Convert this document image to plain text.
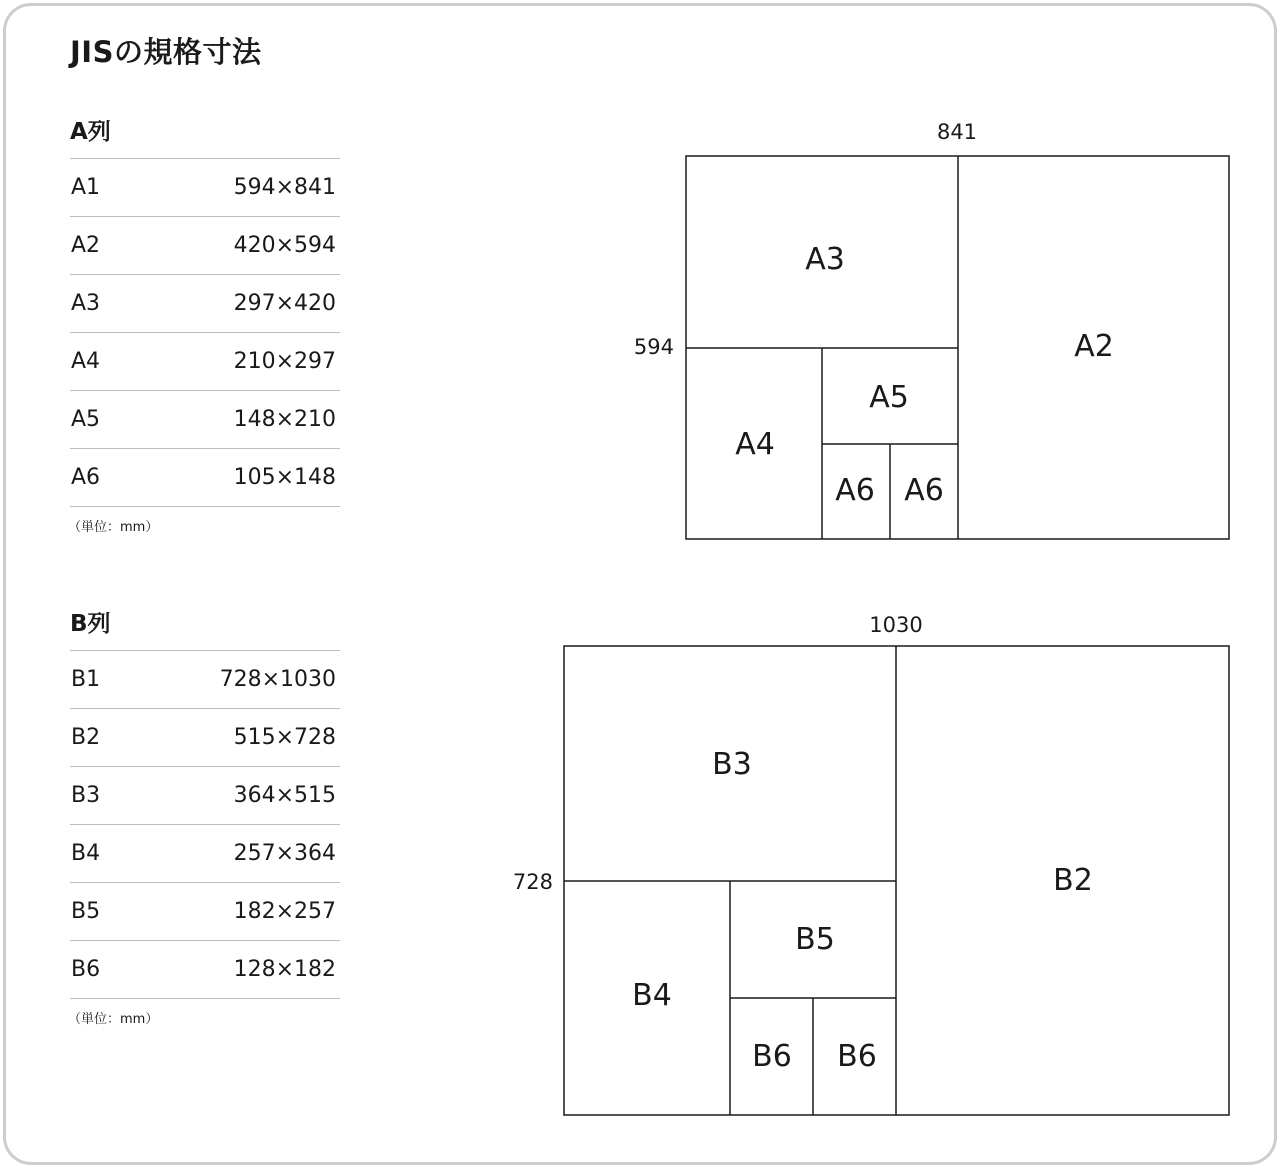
JISの規格寸法
A列
A1	594×841
A2	420×594
A3	297×420
A4	210×297
A5	148×210
A6	105×148
（単位：mm）
B列
B1	728×1030
B2	515×728
B3	364×515
B4	257×364
B5	182×257
B6	128×182
（単位：mm）
841
594	A2
A3
A4
A5
A6 A6
1030
728	B2
B3
B4
B5
B6 B6
